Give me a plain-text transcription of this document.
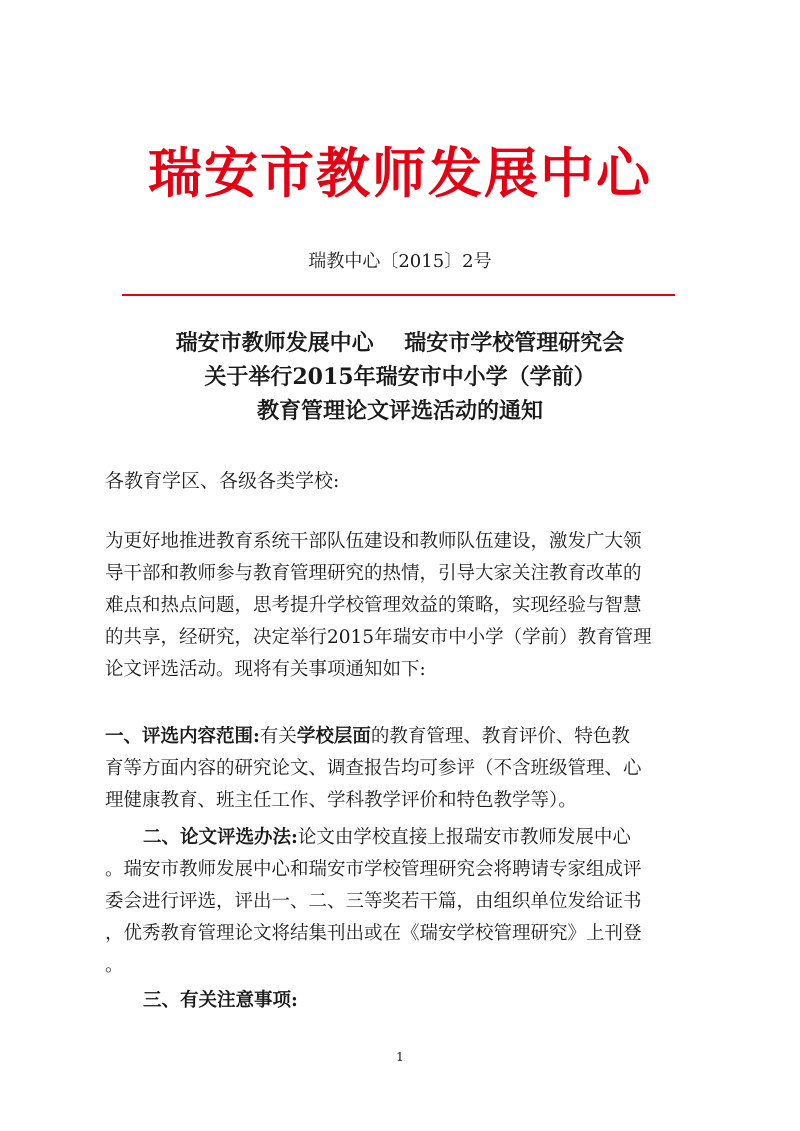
瑞安市教师发展中心
瑞教中心〔2015〕2号
瑞安市教师发展中心    瑞安市学校管理研究会
关于举行2015年瑞安市中小学（学前）
教育管理论文评选活动的通知
各教育学区、各级各类学校:
为更好地推进教育系统干部队伍建设和教师队伍建设，激发广大领
导干部和教师参与教育管理研究的热情，引导大家关注教育改革的
难点和热点问题，思考提升学校管理效益的策略，实现经验与智慧
的共享，经研究，决定举行2015年瑞安市中小学（学前）教育管理
论文评选活动。现将有关事项通知如下:
一、评选内容范围:有关学校层面的教育管理、教育评价、特色教
育等方面内容的研究论文、调查报告均可参评（不含班级管理、心
理健康教育、班主任工作、学科教学评价和特色教学等）。
二、论文评选办法:论文由学校直接上报瑞安市教师发展中心
。瑞安市教师发展中心和瑞安市学校管理研究会将聘请专家组成评
委会进行评选，评出一、二、三等奖若干篇，由组织单位发给证书
，优秀教育管理论文将结集刊出或在《瑞安学校管理研究》上刊登
。
三、有关注意事项:
1
